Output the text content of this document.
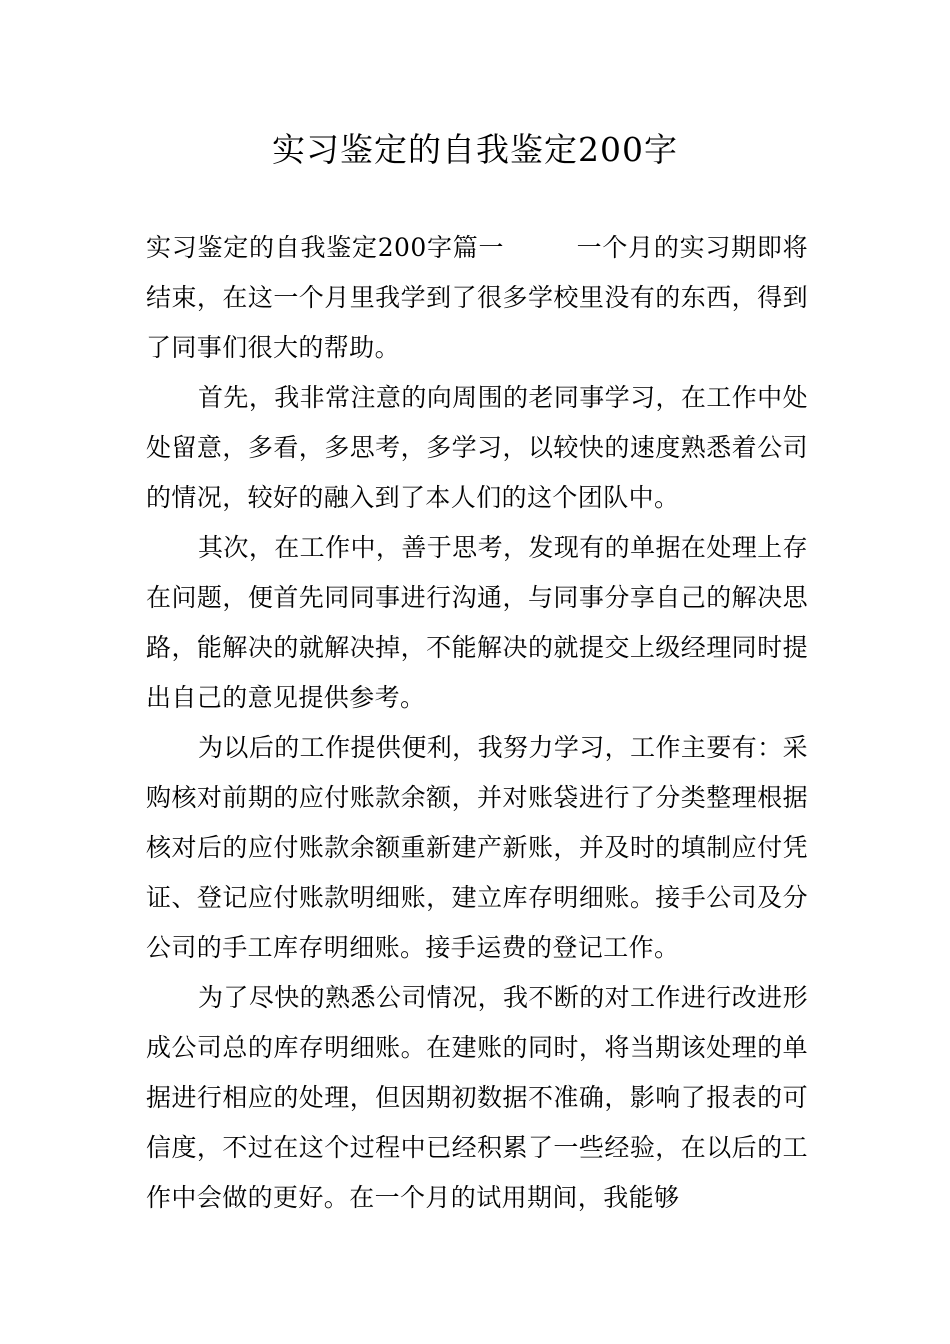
实习鉴定的自我鉴定200字

实习鉴定的自我鉴定200字篇一	一个月的实习期即将结束，在这一个月里我学到了很多学校里没有的东西，得到了同事们很大的帮助。

首先，我非常注意的向周围的老同事学习，在工作中处处留意，多看，多思考，多学习，以较快的速度熟悉着公司的情况，较好的融入到了本人们的这个团队中。

其次，在工作中，善于思考，发现有的单据在处理上存在问题，便首先同同事进行沟通，与同事分享自己的解决思路，能解决的就解决掉，不能解决的就提交上级经理同时提出自己的意见提供参考。

为以后的工作提供便利，我努力学习，工作主要有：采购核对前期的应付账款余额，并对账袋进行了分类整理根据核对后的应付账款余额重新建产新账，并及时的填制应付凭证、登记应付账款明细账，建立库存明细账。接手公司及分公司的手工库存明细账。接手运费的登记工作。

为了尽快的熟悉公司情况，我不断的对工作进行改进形成公司总的库存明细账。在建账的同时，将当期该处理的单据进行相应的处理，但因期初数据不准确，影响了报表的可信度，不过在这个过程中已经积累了一些经验，在以后的工作中会做的更好。在一个月的试用期间，我能够
